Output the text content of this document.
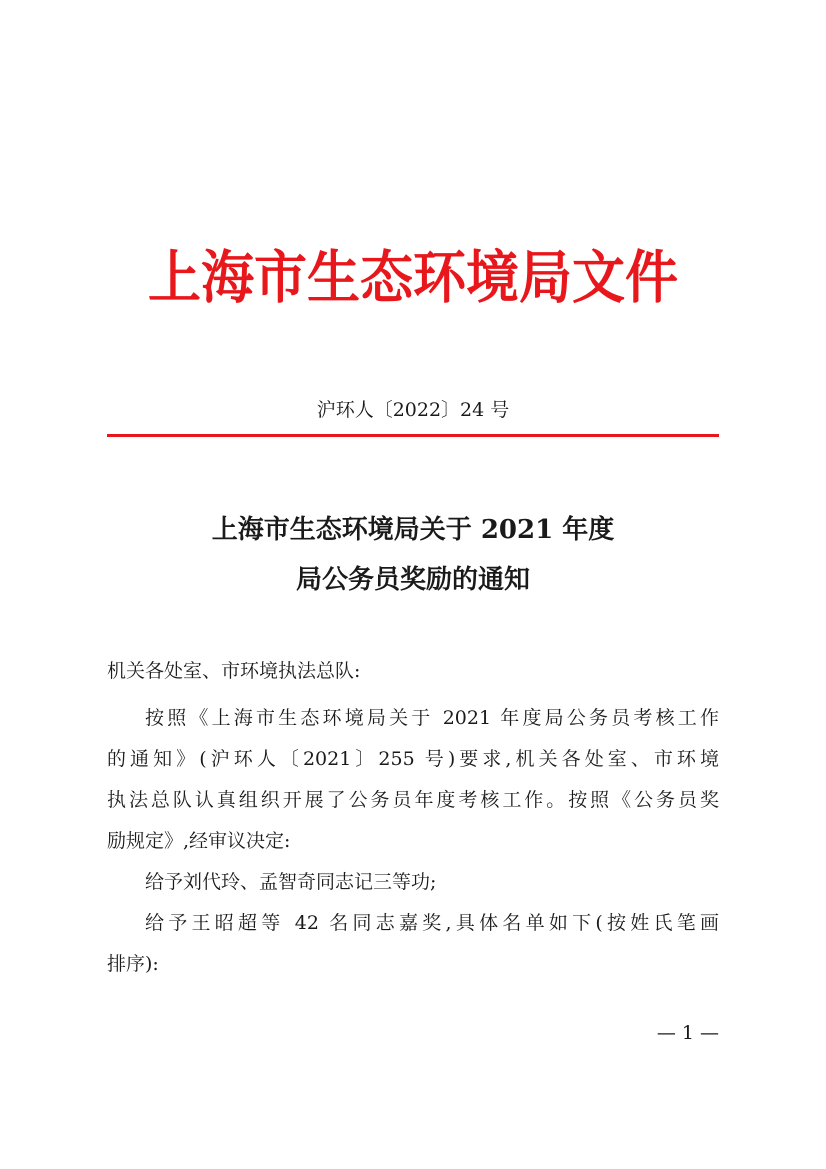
上海市生态环境局文件
沪环人〔2022〕24 号
上海市生态环境局关于 2021 年度
局公务员奖励的通知
机关各处室、市环境执法总队:
按照《上海市生态环境局关于 2021 年度局公务员考核工作
的通知》(沪环人〔2021〕255 号)要求,机关各处室、市环境
执法总队认真组织开展了公务员年度考核工作。按照《公务员奖
励规定》,经审议决定:
给予刘代玲、孟智奇同志记三等功;
给予王昭超等 42 名同志嘉奖,具体名单如下(按姓氏笔画
排序):
— 1 —
